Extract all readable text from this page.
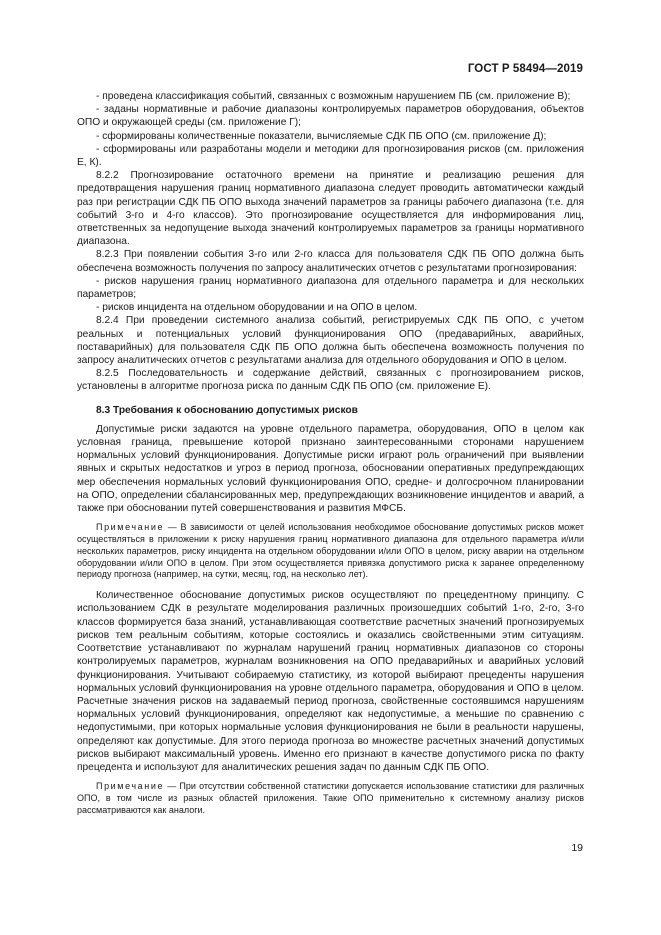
ГОСТ Р 58494—2019

- проведена классификация событий, связанных с возможным нарушением ПБ (см. приложение В);

- заданы нормативные и рабочие диапазоны контролируемых параметров оборудования, объектов ОПО и окружающей среды (см. приложение Г);

- сформированы количественные показатели, вычисляемые СДК ПБ ОПО (см. приложение Д);

- сформированы или разработаны модели и методики для прогнозирования рисков (см. приложения Е, К).

8.2.2 Прогнозирование остаточного времени на принятие и реализацию решения для предотвращения нарушения границ нормативного диапазона следует проводить автоматически каждый раз при регистрации СДК ПБ ОПО выхода значений параметров за границы рабочего диапазона (т.е. для событий 3-го и 4-го классов). Это прогнозирование осуществляется для информирования лиц, ответственных за недопущение выхода значений контролируемых параметров за границы нормативного диапазона.

8.2.3 При появлении события 3-го или 2-го класса для пользователя СДК ПБ ОПО должна быть обеспечена возможность получения по запросу аналитических отчетов с результатами прогнозирования:

- рисков нарушения границ нормативного диапазона для отдельного параметра и для нескольких параметров;

- рисков инцидента на отдельном оборудовании и на ОПО в целом.

8.2.4 При проведении системного анализа событий, регистрируемых СДК ПБ ОПО, с учетом реальных и потенциальных условий функционирования ОПО (предаварийных, аварийных, поставарийных) для пользователя СДК ПБ ОПО должна быть обеспечена возможность получения по запросу аналитических отчетов с результатами анализа для отдельного оборудования и ОПО в целом.

8.2.5 Последовательность и содержание действий, связанных с прогнозированием рисков, установлены в алгоритме прогноза риска по данным СДК ПБ ОПО (см. приложение Е).

8.3 Требования к обоснованию допустимых рисков

Допустимые риски задаются на уровне отдельного параметра, оборудования, ОПО в целом как условная граница, превышение которой признано заинтересованными сторонами нарушением нормальных условий функционирования. Допустимые риски играют роль ограничений при выявлении явных и скрытых недостатков и угроз в период прогноза, обосновании оперативных предупреждающих мер обеспечения нормальных условий функционирования ОПО, средне- и долгосрочном планировании на ОПО, определении сбалансированных мер, предупреждающих возникновение инцидентов и аварий, а также при обосновании путей совершенствования и развития МФСБ.

Примечание — В зависимости от целей использования необходимое обоснование допустимых рисков может осуществляться в приложении к риску нарушения границ нормативного диапазона для отдельного параметра и/или нескольких параметров, риску инцидента на отдельном оборудовании и/или ОПО в целом, риску аварии на отдельном оборудовании и/или ОПО в целом. При этом осуществляется привязка допустимого риска к заранее определенному периоду прогноза (например, на сутки, месяц, год, на несколько лет).

Количественное обоснование допустимых рисков осуществляют по прецедентному принципу. С использованием СДК в результате моделирования различных произошедших событий 1-го, 2-го, 3-го классов формируется база знаний, устанавливающая соответствие расчетных значений прогнозируемых рисков тем реальным событиям, которые состоялись и оказались свойственными этим ситуациям. Соответствие устанавливают по журналам нарушений границ нормативных диапазонов со стороны контролируемых параметров, журналам возникновения на ОПО предаварийных и аварийных условий функционирования. Учитывают собираемую статистику, из которой выбирают прецеденты нарушения нормальных условий функционирования на уровне отдельного параметра, оборудования и ОПО в целом. Расчетные значения рисков на задаваемый период прогноза, свойственные состоявшимся нарушениям нормальных условий функционирования, определяют как недопустимые, а меньшие по сравнению с недопустимыми, при которых нормальные условия функционирования не были в реальности нарушены, определяют как допустимые. Для этого периода прогноза во множестве расчетных значений допустимых рисков выбирают максимальный уровень. Именно его признают в качестве допустимого риска по факту прецедента и используют для аналитических решения задач по данным СДК ПБ ОПО.

Примечание — При отсутствии собственной статистики допускается использование статистики для различных ОПО, в том числе из разных областей приложения. Такие ОПО применительно к системному анализу рисков рассматриваются как аналоги.

19
